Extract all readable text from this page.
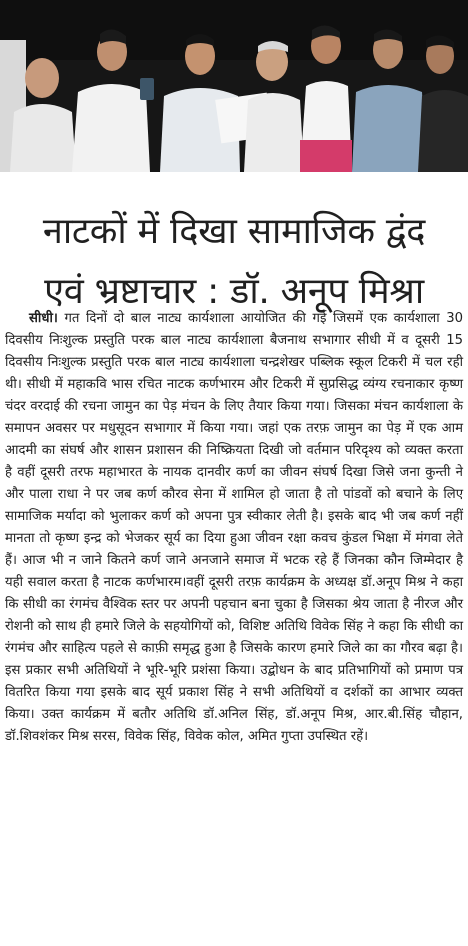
नाटकों में दिखा सामाजिक द्वंद
एवं भ्रष्टाचार : डॉ. अनूप मिश्रा

सीधी। गत दिनों दो बाल नाट्य कार्यशाला आयोजित की गई जिसमें एक कार्यशाला 30 दिवसीय निःशुल्क प्रस्तुति परक बाल नाट्य कार्यशाला बैजनाथ सभागार सीधी में व दूसरी 15 दिवसीय निःशुल्क प्रस्तुति परक बाल नाट्य कार्यशाला चन्द्रशेखर पब्लिक स्कूल टिकरी में चल रही थी। सीधी में महाकवि भास रचित नाटक कर्णभारम और टिकरी में सुप्रसिद्ध व्यंग्य रचनाकार कृष्ण चंदर वरदाई की रचना जामुन का पेड़ मंचन के लिए तैयार किया गया। जिसका मंचन कार्यशाला के समापन अवसर पर मधुसूदन सभागार में किया गया। जहां एक तरफ़ जामुन का पेड़ में एक आम आदमी का संघर्ष और शासन प्रशासन की निष्क्रियता दिखी जो वर्तमान परिदृश्य को व्यक्त करता है वहीं दूसरी तरफ महाभारत के नायक दानवीर कर्ण का जीवन संघर्ष दिखा जिसे जना कुन्ती ने और पाला राधा ने पर जब कर्ण कौरव सेना में शामिल हो जाता है तो पांडवों को बचाने के लिए सामाजिक मर्यादा को भुलाकर कर्ण को अपना पुत्र स्वीकार लेती है। इसके बाद भी जब कर्ण नहीं मानता तो कृष्ण इन्द्र को भेजकर सूर्य का दिया हुआ जीवन रक्षा कवच कुंडल भिक्षा में मंगवा लेते हैं। आज भी न जाने कितने कर्ण जाने अनजाने समाज में भटक रहे हैं जिनका कौन जिम्मेदार है यही सवाल करता है नाटक कर्णभारम।वहीं दूसरी तरफ़ कार्यक्रम के अध्यक्ष डॉ.अनूप मिश्र ने कहा कि सीधी का रंगमंच वैश्विक स्तर पर अपनी पहचान बना चुका है जिसका श्रेय जाता है नीरज और रोशनी को साथ ही हमारे जिले के सहयोगियों को, विशिष्ट अतिथि विवेक सिंह ने कहा कि सीधी का रंगमंच और साहित्य पहले से काफ़ी समृद्ध हुआ है जिसके कारण हमारे जिले का का गौरव बढ़ा है। इस प्रकार सभी अतिथियों ने भूरि-भूरि प्रशंसा किया। उद्बोधन के बाद प्रतिभागियों को प्रमाण पत्र वितरित किया गया इसके बाद सूर्य प्रकाश सिंह ने सभी अतिथियों व दर्शकों का आभार व्यक्त किया। उक्त कार्यक्रम में बतौर अतिथि डॉ.अनिल सिंह, डॉ.अनूप मिश्र, आर.बी.सिंह चौहान, डॉ.शिवशंकर मिश्र सरस, विवेक सिंह, विवेक कोल, अमित गुप्ता उपस्थित रहें।
